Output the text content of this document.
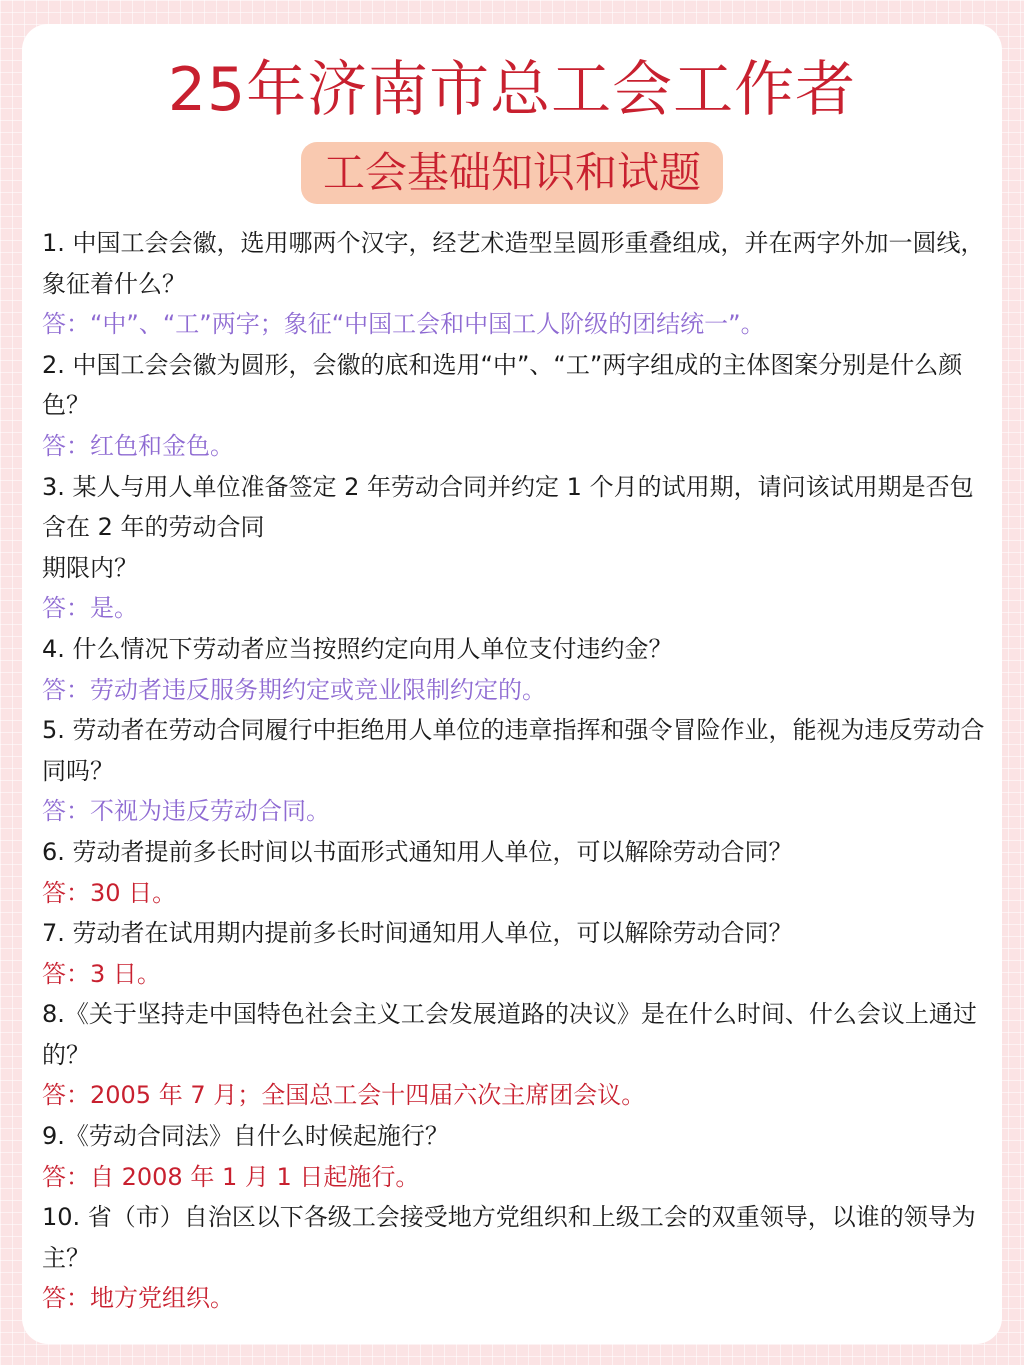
25年济南市总工会工作者
工会基础知识和试题
1. 中国工会会徽，选用哪两个汉字，经艺术造型呈圆形重叠组成，并在两字外加一圆线，象征着什么？
答：“中”、“工”两字；象征“中国工会和中国工人阶级的团结统一”。
2. 中国工会会徽为圆形，会徽的底和选用“中”、“工”两字组成的主体图案分别是什么颜色？
答：红色和金色。
3. 某人与用人单位准备签定 2 年劳动合同并约定 1 个月的试用期，请问该试用期是否包含在 2 年的劳动合同
期限内？
答：是。
4. 什么情况下劳动者应当按照约定向用人单位支付违约金？
答：劳动者违反服务期约定或竞业限制约定的。
5. 劳动者在劳动合同履行中拒绝用人单位的违章指挥和强令冒险作业，能视为违反劳动合同吗？
答：不视为违反劳动合同。
6. 劳动者提前多长时间以书面形式通知用人单位，可以解除劳动合同？
答：30 日。
7. 劳动者在试用期内提前多长时间通知用人单位，可以解除劳动合同？
答：3 日。
8.《关于坚持走中国特色社会主义工会发展道路的决议》是在什么时间、什么会议上通过的？
答：2005 年 7 月；全国总工会十四届六次主席团会议。
9.《劳动合同法》自什么时候起施行？
答：自 2008 年 1 月 1 日起施行。
10. 省（市）自治区以下各级工会接受地方党组织和上级工会的双重领导，以谁的领导为主？
答：地方党组织。
